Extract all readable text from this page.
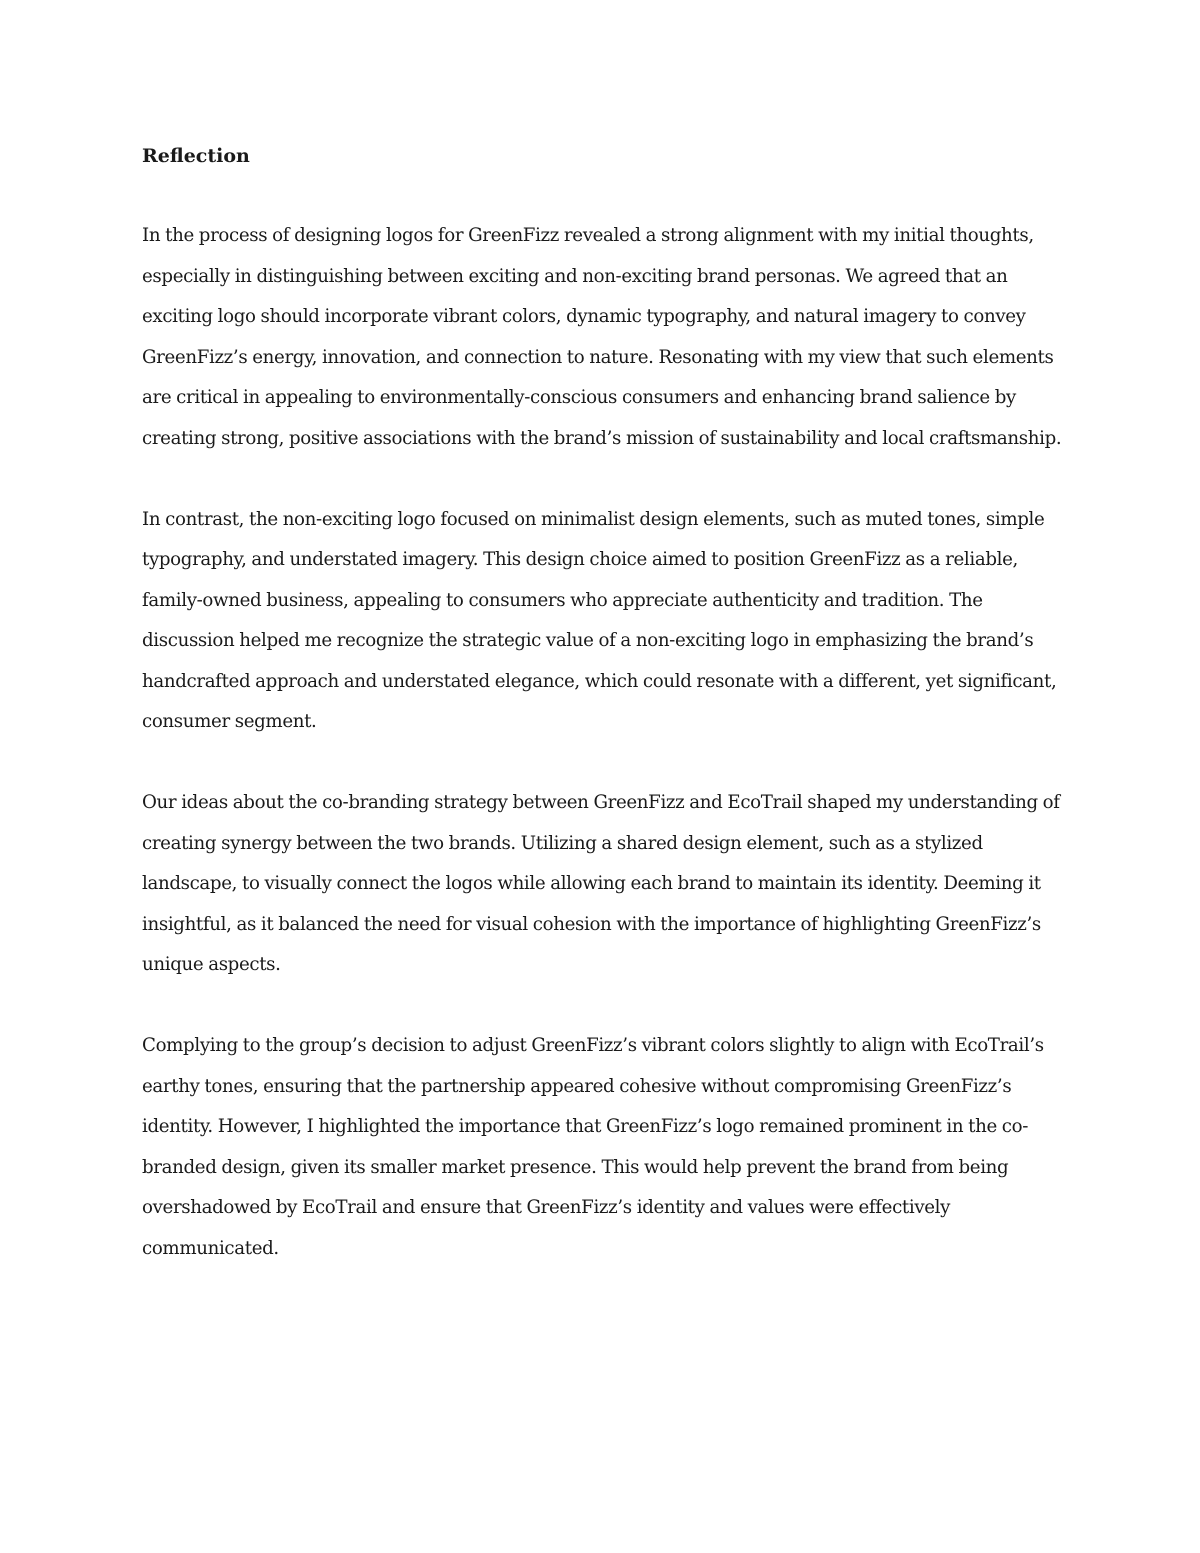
Reflection

In the process of designing logos for GreenFizz revealed a strong alignment with my initial thoughts, especially in distinguishing between exciting and non-exciting brand personas. We agreed that an exciting logo should incorporate vibrant colors, dynamic typography, and natural imagery to convey GreenFizz’s energy, innovation, and connection to nature. Resonating with my view that such elements are critical in appealing to environmentally-conscious consumers and enhancing brand salience by creating strong, positive associations with the brand’s mission of sustainability and local craftsmanship.

In contrast, the non-exciting logo focused on minimalist design elements, such as muted tones, simple typography, and understated imagery. This design choice aimed to position GreenFizz as a reliable, family-owned business, appealing to consumers who appreciate authenticity and tradition. The discussion helped me recognize the strategic value of a non-exciting logo in emphasizing the brand’s handcrafted approach and understated elegance, which could resonate with a different, yet significant, consumer segment.

Our ideas about the co-branding strategy between GreenFizz and EcoTrail shaped my understanding of creating synergy between the two brands. Utilizing a shared design element, such as a stylized landscape, to visually connect the logos while allowing each brand to maintain its identity. Deeming it insightful, as it balanced the need for visual cohesion with the importance of highlighting GreenFizz’s unique aspects.

Complying to the group’s decision to adjust GreenFizz’s vibrant colors slightly to align with EcoTrail’s earthy tones, ensuring that the partnership appeared cohesive without compromising GreenFizz’s identity. However, I highlighted the importance that GreenFizz’s logo remained prominent in the co-branded design, given its smaller market presence. This would help prevent the brand from being overshadowed by EcoTrail and ensure that GreenFizz’s identity and values were effectively communicated.
